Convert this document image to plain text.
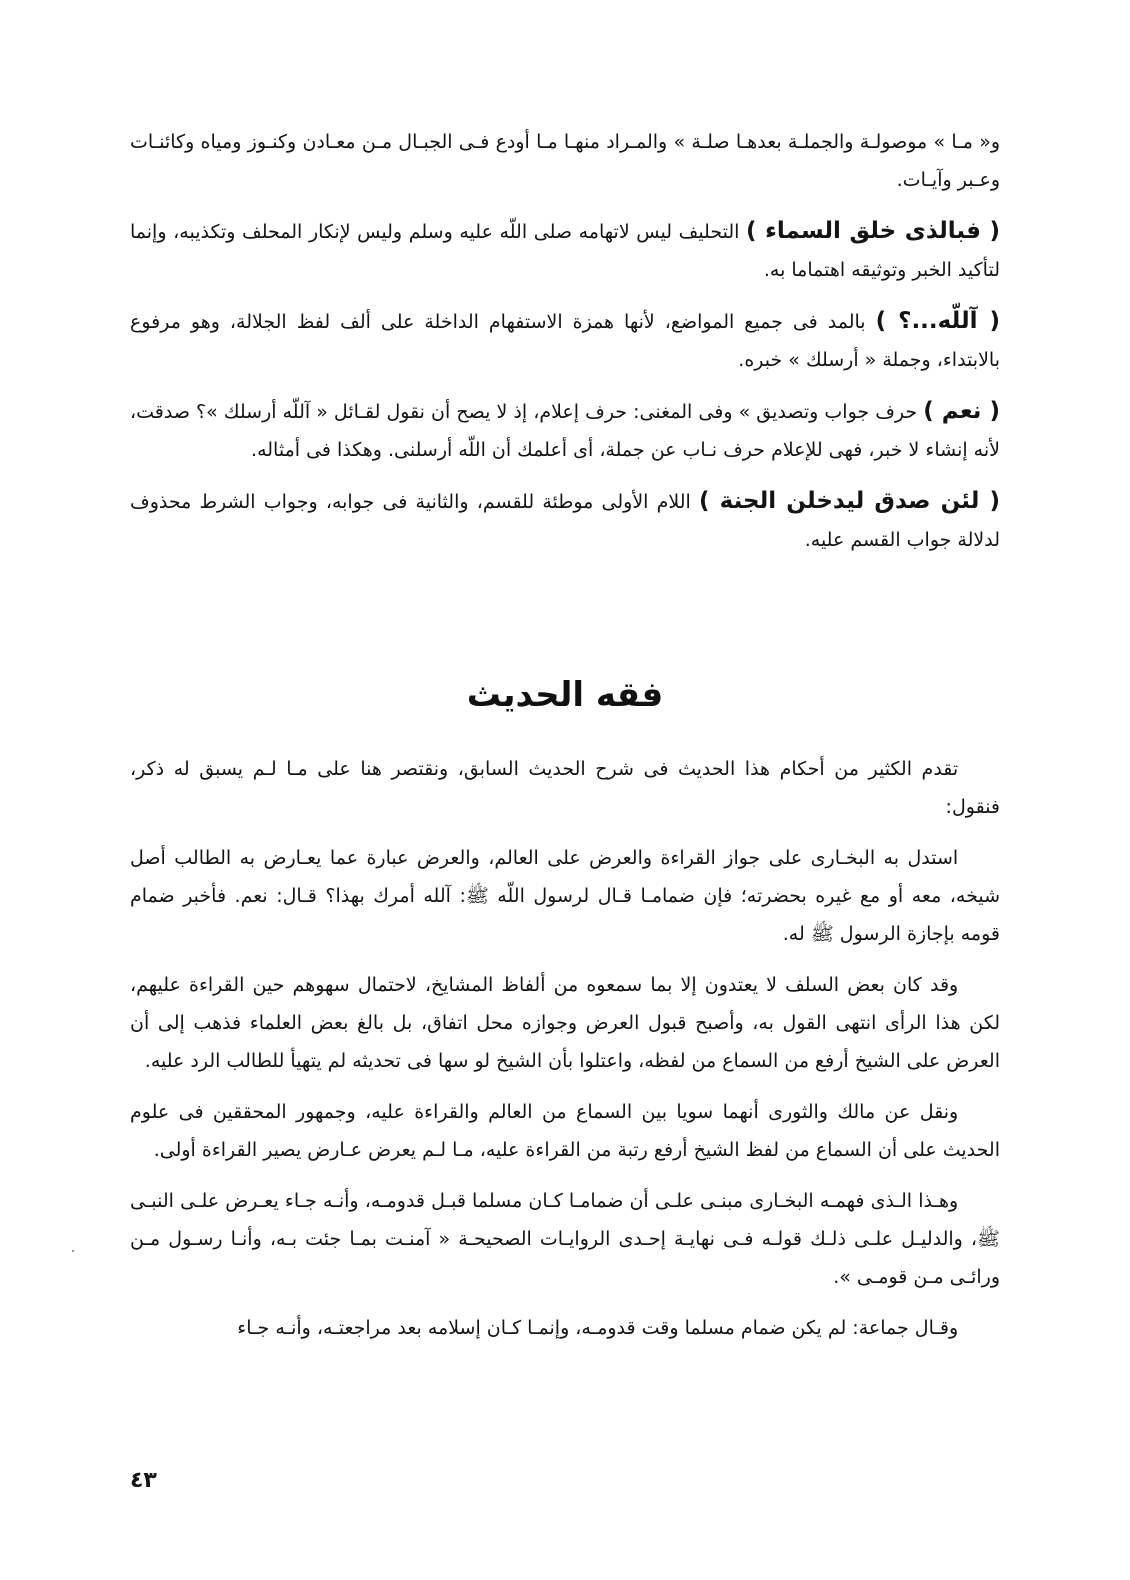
و« مـا » موصولـة والجملـة بعدهـا صلـة » والمـراد منهـا مـا أودع فـى الجبـال مـن معـادن وكنـوز ومياه وكائنـات وعـبر وآيـات.

( فبالذى خلق السماء ) التحليف ليس لاتهامه صلى اللّه عليه وسلم وليس لإنكار المحلف وتكذيبه، وإنما لتأكيد الخبر وتوثيقه اهتماما به.

( آللّه...؟ ) بالمد فى جميع المواضع، لأنها همزة الاستفهام الداخلة على ألف لفظ الجلالة، وهو مرفوع بالابتداء، وجملة « أرسلك » خبره.

( نعم ) حرف جواب وتصديق » وفى المغنى: حرف إعلام، إذ لا يصح أن نقول لقـائل « آللّه أرسلك »؟ صدقت، لأنه إنشاء لا خبر، فهى للإعلام حرف نـاب عن جملة، أى أعلمك أن اللّه أرسلنى. وهكذا فى أمثاله.

( لئن صدق ليدخلن الجنة ) اللام الأولى موطئة للقسم، والثانية فى جوابه، وجواب الشرط محذوف لدلالة جواب القسم عليه.

فقه الحديث

تقدم الكثير من أحكام هذا الحديث فى شرح الحديث السابق، ونقتصر هنا على مـا لـم يسبق له ذكر، فنقول:

استدل به البخـارى على جواز القراءة والعرض على العالم، والعرض عبارة عما يعـارض به الطالب أصل شيخه، معه أو مع غيره بحضرته؛ فإن ضمامـا قـال لرسول اللّه ﷺ: آلله أمرك بهذا؟ قـال: نعم. فأخبر ضمام قومه بإجازة الرسول ﷺ له.

وقد كان بعض السلف لا يعتدون إلا بما سمعوه من ألفاظ المشايخ، لاحتمال سهوهم حين القراءة عليهم، لكن هذا الرأى انتهى القول به، وأصبح قبول العرض وجوازه محل اتفاق، بل بالغ بعض العلماء فذهب إلى أن العرض على الشيخ أرفع من السماع من لفظه، واعتلوا بأن الشيخ لو سها فى تحديثه لم يتهيأ للطالب الرد عليه.

ونقل عن مالك والثورى أنهما سويا بين السماع من العالم والقراءة عليه، وجمهور المحققين فى علوم الحديث على أن السماع من لفظ الشيخ أرفع رتبة من القراءة عليه، مـا لـم يعرض عـارض يصير القراءة أولى.

وهـذا الـذى فهمـه البخـارى مبنـى علـى أن ضمامـا كـان مسلما قبـل قدومـه، وأنـه جـاء يعـرض علـى النبـى ﷺ، والدليـل علـى ذلـك قولـه فـى نهايـة إحـدى الروايـات الصحيحـة « آمنـت بمـا جئت بـه، وأنـا رسـول مـن ورائـى مـن قومـى ».

وقـال جماعة: لم يكن ضمام مسلما وقت قدومـه، وإنمـا كـان إسلامه بعد مراجعتـه، وأنـه جـاء

٤٣
